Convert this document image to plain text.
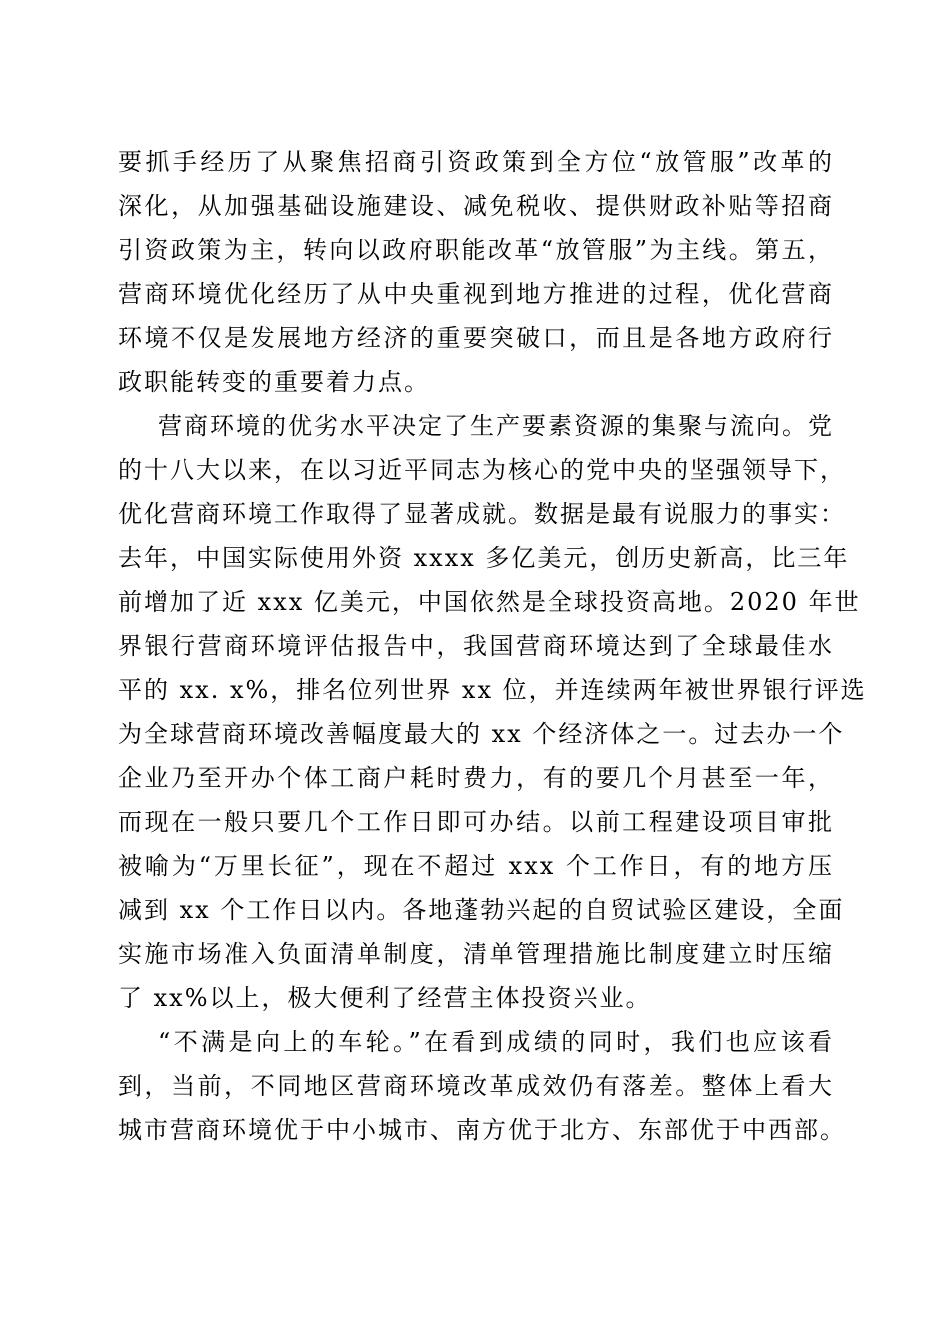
要抓手经历了从聚焦招商引资政策到全方位“放管服”改革的
深化，从加强基础设施建设、减免税收、提供财政补贴等招商
引资政策为主，转向以政府职能改革“放管服”为主线。第五，
营商环境优化经历了从中央重视到地方推进的过程，优化营商
环境不仅是发展地方经济的重要突破口，而且是各地方政府行
政职能转变的重要着力点。
营商环境的优劣水平决定了生产要素资源的集聚与流向。党
的十八大以来，在以习近平同志为核心的党中央的坚强领导下，
优化营商环境工作取得了显著成就。数据是最有说服力的事实：
去年，中国实际使用外资 xxxx 多亿美元，创历史新高，比三年
前增加了近 xxx 亿美元，中国依然是全球投资高地。2020 年世
界银行营商环境评估报告中，我国营商环境达到了全球最佳水
平的 xx. x%，排名位列世界 xx 位，并连续两年被世界银行评选
为全球营商环境改善幅度最大的 xx 个经济体之一。过去办一个
企业乃至开办个体工商户耗时费力，有的要几个月甚至一年，
而现在一般只要几个工作日即可办结。以前工程建设项目审批
被喻为“万里长征”，现在不超过 xxx 个工作日，有的地方压
减到 xx 个工作日以内。各地蓬勃兴起的自贸试验区建设，全面
实施市场准入负面清单制度，清单管理措施比制度建立时压缩
了 xx%以上，极大便利了经营主体投资兴业。
“不满是向上的车轮。”在看到成绩的同时，我们也应该看
到，当前，不同地区营商环境改革成效仍有落差。整体上看大
城市营商环境优于中小城市、南方优于北方、东部优于中西部。
